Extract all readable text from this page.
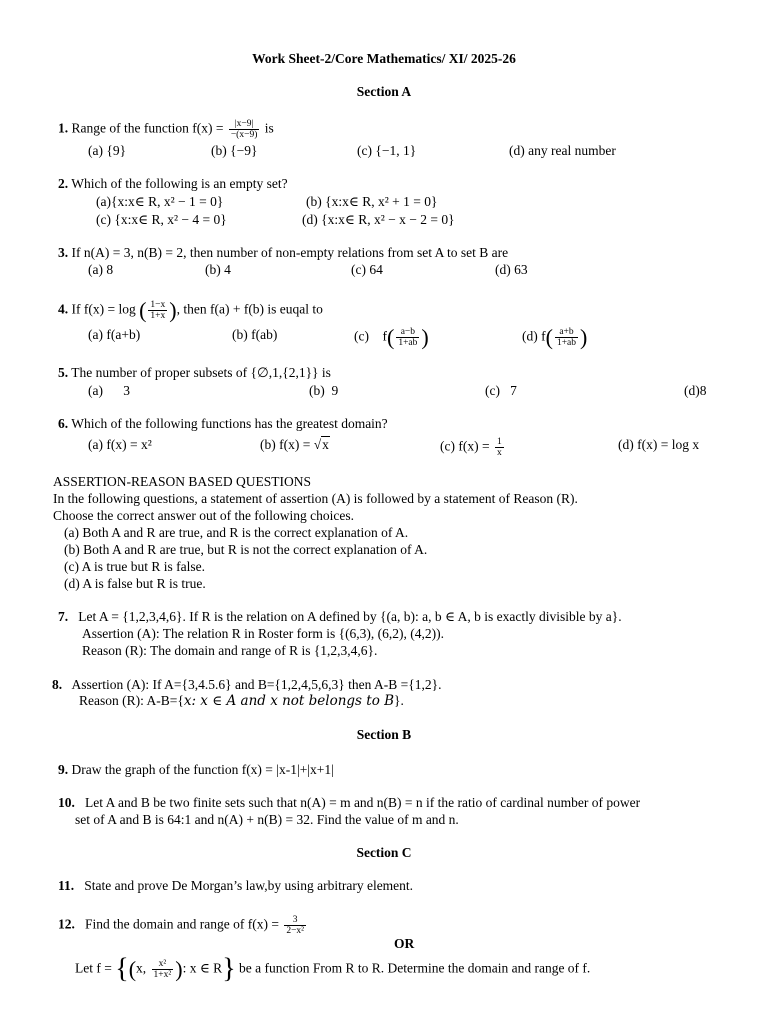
Work Sheet-2/Core Mathematics/ XI/ 2025-26
Section A
1. Range of the function $f(x) = \frac{|x-9|}{-(x-9)}$ is
(a) {9}	(b) {−9}	(c) {−1, 1}	(d) any real number
2. Which of the following is an empty set?
(a){x:x∈ R, x² − 1 = 0}	(b) {x:x∈ R, x² + 1 = 0}
(c) {x:x∈ R, x² − 4 = 0}	(d) {x:x∈ R, x² − x − 2 = 0}
3. If n(A) = 3, n(B) = 2, then number of non-empty relations from set A to set B are
(a) 8	(b) 4	(c) 64	(d) 63
4. If f(x) = log ( $\frac{1-x}{1+x}$ ), then f(a) + f(b) is euqal to
(a) f(a+b)	(b) f(ab)	(c) $f( \frac{a-b}{1+ab}$ )	(d) $f( \frac{a+b}{1+ab}$ )
5. The number of proper subsets of {∅,1,{2,1}} is
(a)      3	(b)  9	(c)   7	(d)8
6. Which of the following functions has the greatest domain?
(a) f(x) = x²	(b) f(x) = √x	(c) $f(x) = \frac{1}{x}$	(d) f(x) = log x
ASSERTION-REASON BASED QUESTIONS
In the following questions, a statement of assertion (A) is followed by a statement of Reason (R).
Choose the correct answer out of the following choices.
(a) Both A and R are true, and R is the correct explanation of A.
(b) Both A and R are true, but R is not the correct explanation of A.
(c) A is true but R is false.
(d) A is false but R is true.
7. Let A = {1,2,3,4,6}. If R is the relation on A defined by {(a, b): a, b ∈ A, b is exactly divisible by a}.
Assertion (A): The relation R in Roster form is {(6,3), (6,2), (4,2)).
Reason (R): The domain and range of R is {1,2,3,4,6}.
8. Assertion (A): If A={3,4.5.6} and B={1,2,4,5,6,3} then A-B ={1,2}.
Reason (R): A-B={x: x ∈ A and x not belongs to B}.
Section B
9. Draw the graph of the function f(x) = |x-1|+|x+1|
10. Let A and B be two finite sets such that n(A) = m and n(B) = n if the ratio of cardinal number of power
set of A and B is 64:1 and n(A) + n(B) = 32. Find the value of m and n.
Section C
11. State and prove De Morgan’s law,by using arbitrary element.
12. Find the domain and range of $f(x) = \frac{3}{\text{2−x²}}$
OR
Let f = {(x, $\frac{\text{x²}}{\text{1+x²}}$ ): x ∈ R} be a function From R to R. Determine the domain and range of f.
